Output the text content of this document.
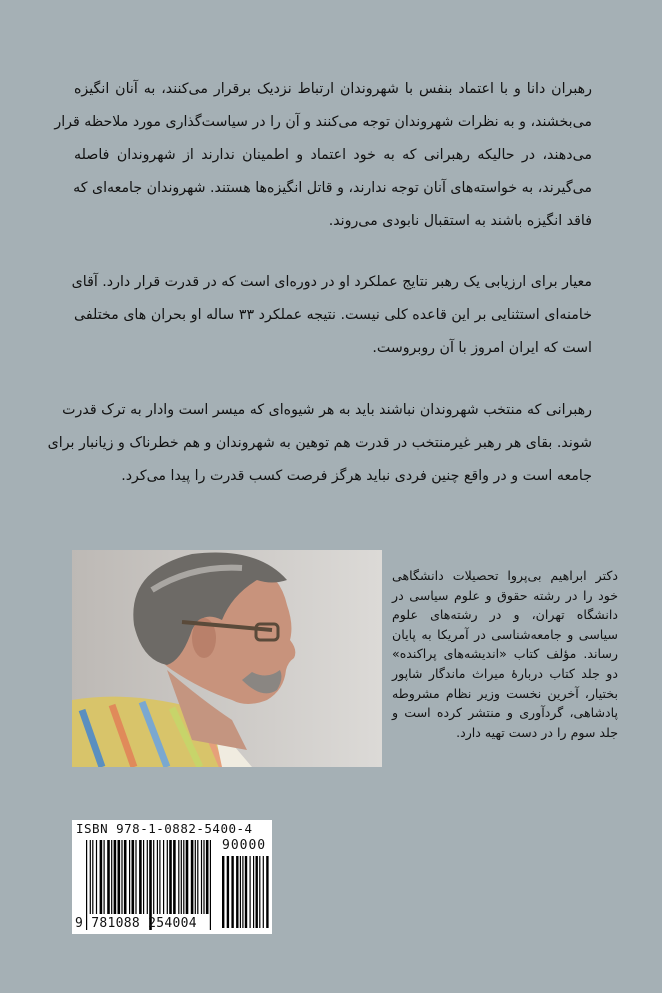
رهبران دانا و با اعتماد بنفس با شهروندان ارتباط نزدیک برقرار می‌کنند، به آنان انگیزه
می‌بخشند، و به نظرات شهروندان توجه می‌کنند و آن را در سیاست‌گذاری مورد ملاحظه قرار
می‌دهند، در حالیکه رهبرانی که به خود اعتماد و اطمینان ندارند از شهروندان فاصله
می‌گیرند، به خواسته‌های آنان توجه ندارند، و قاتل انگیزه‌ها هستند. شهروندان جامعه‌ای که
فاقد انگیزه باشند به استقبال نابودی می‌روند.
معیار برای ارزیابی یک رهبر نتایج عملکرد او در دوره‌ای است که در قدرت قرار دارد. آقای
خامنه‌ای استثنایی بر این قاعده کلی نیست. نتیجه عملکرد ۳۳ ساله او بحران های مختلفی
است که ایران امروز با آن روبروست.
رهبرانی که منتخب شهروندان نباشند باید به هر شیوه‌ای که میسر است وادار به ترک قدرت
شوند. بقای هر رهبر غیرمنتخب در قدرت هم توهین به شهروندان و هم خطرناک و زیانبار برای
جامعه است و در واقع چنین فردی نباید هرگز فرصت کسب قدرت را پیدا می‌کرد.
دکتر ابراهیم بی‌پروا تحصیلات دانشگاهی
خود را در رشته حقوق و علوم سیاسی در
دانشگاه تهران، و در رشته‌های علوم
سیاسی و جامعه‌شناسی در آمریکا به پایان
رساند. مؤلف کتاب «اندیشه‌های پراکنده»
دو جلد کتاب دربارهٔ میراث ماندگار شاپور
بختیار، آخرین نخست وزیر نظام مشروطه
پادشاهی، گردآوری و منتشر کرده است و
جلد سوم را در دست تهیه دارد.
ISBN 978-1-0882-5400-4
90000
9 781088 254004
